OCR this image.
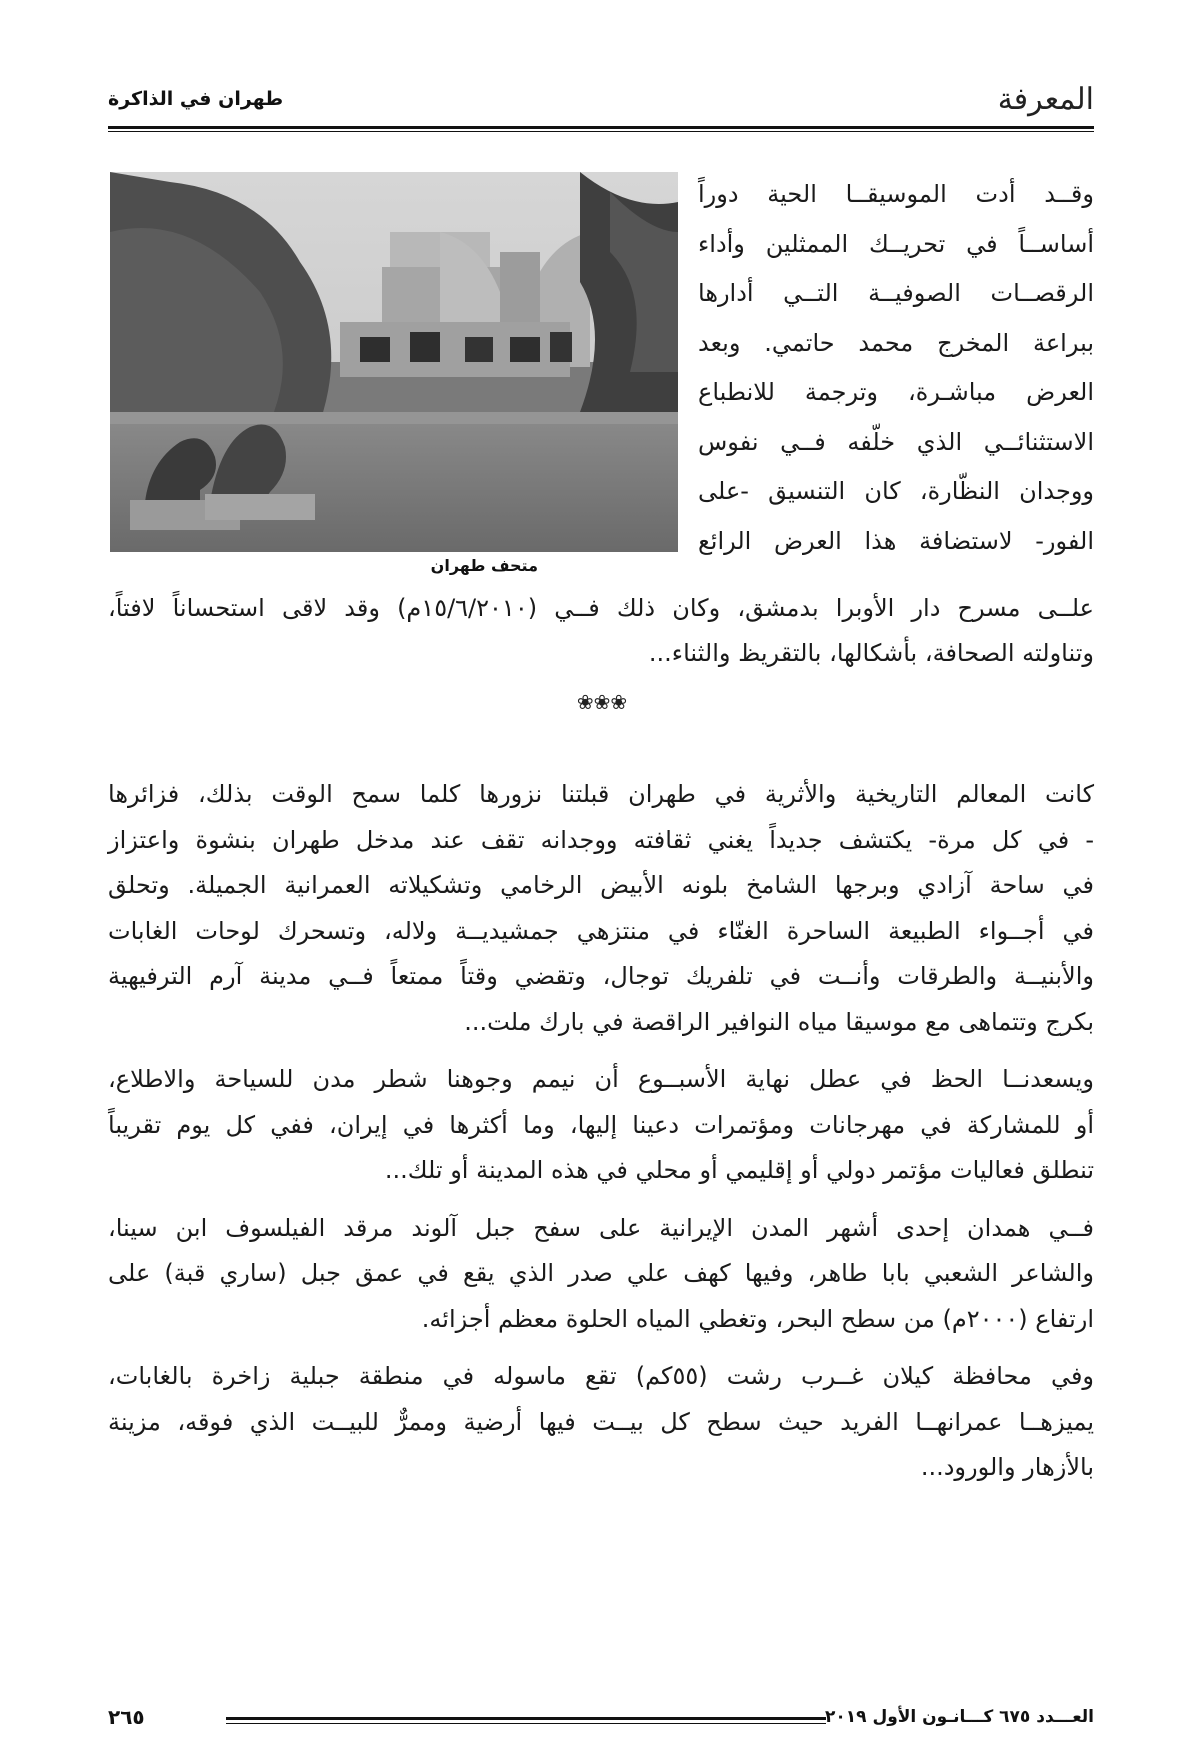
المعرفة
طهران في الذاكرة
متحف طهران
وقــد أدت الموسيقــا الحية دوراً
أساســاً في تحريــك الممثلين وأداء
الرقصــات الصوفيــة التــي أدارها
ببراعة المخرج محمد حاتمي. وبعد
العرض مباشـرة، وترجمة للانطباع
الاستثنائــي الذي خلّفه فــي نفوس
ووجدان النظّارة، كان التنسيق -على
الفور- لاستضافة هذا العرض الرائع
علــى مسرح دار الأوبرا بدمشق، وكان ذلك فــي (١٥/٦/٢٠١٠م) وقد لاقى استحساناً لافتاً،
وتناولته الصحافة، بأشكالها، بالتقريظ والثناء...
❀❀❀
كانت المعالم التاريخية والأثرية في طهران قبلتنا نزورها كلما سمح الوقت بذلك، فزائرها
- في كل مرة- يكتشف جديداً يغني ثقافته ووجدانه تقف عند مدخل طهران بنشوة واعتزاز
في ساحة آزادي وبرجها الشامخ بلونه الأبيض الرخامي وتشكيلاته العمرانية الجميلة. وتحلق
في أجــواء الطبيعة الساحرة الغنّاء في منتزهي جمشيديــة ولاله، وتسحرك لوحات الغابات
والأبنيــة والطرقات وأنــت في تلفريك توجال، وتقضي وقتاً ممتعاً فــي مدينة آرم الترفيهية
بكرج وتتماهى مع موسيقا مياه النوافير الراقصة في بارك ملت...
ويسعدنــا الحظ في عطل نهاية الأسبــوع أن نيمم وجوهنا شطر مدن للسياحة والاطلاع،
أو للمشاركة في مهرجانات ومؤتمرات دعينا إليها، وما أكثرها في إيران، ففي كل يوم تقريباً
تنطلق فعاليات مؤتمر دولي أو إقليمي أو محلي في هذه المدينة أو تلك...
فــي همدان إحدى أشهر المدن الإيرانية على سفح جبل آلوند مرقد الفيلسوف ابن سينا،
والشاعر الشعبي بابا طاهر، وفيها كهف علي صدر الذي يقع في عمق جبل (ساري قبة) على
ارتفاع (٢٠٠٠م) من سطح البحر، وتغطي المياه الحلوة معظم أجزائه.
وفي محافظة كيلان غــرب رشت (٥٥كم) تقع ماسوله في منطقة جبلية زاخرة بالغابات،
يميزهــا عمرانهــا الفريد حيث سطح كل بيــت فيها أرضية وممرٌّ للبيــت الذي فوقه، مزينة
بالأزهار والورود...
٢٦٥	العـــدد ٦٧٥ كـــانـون الأول ٢٠١٩
